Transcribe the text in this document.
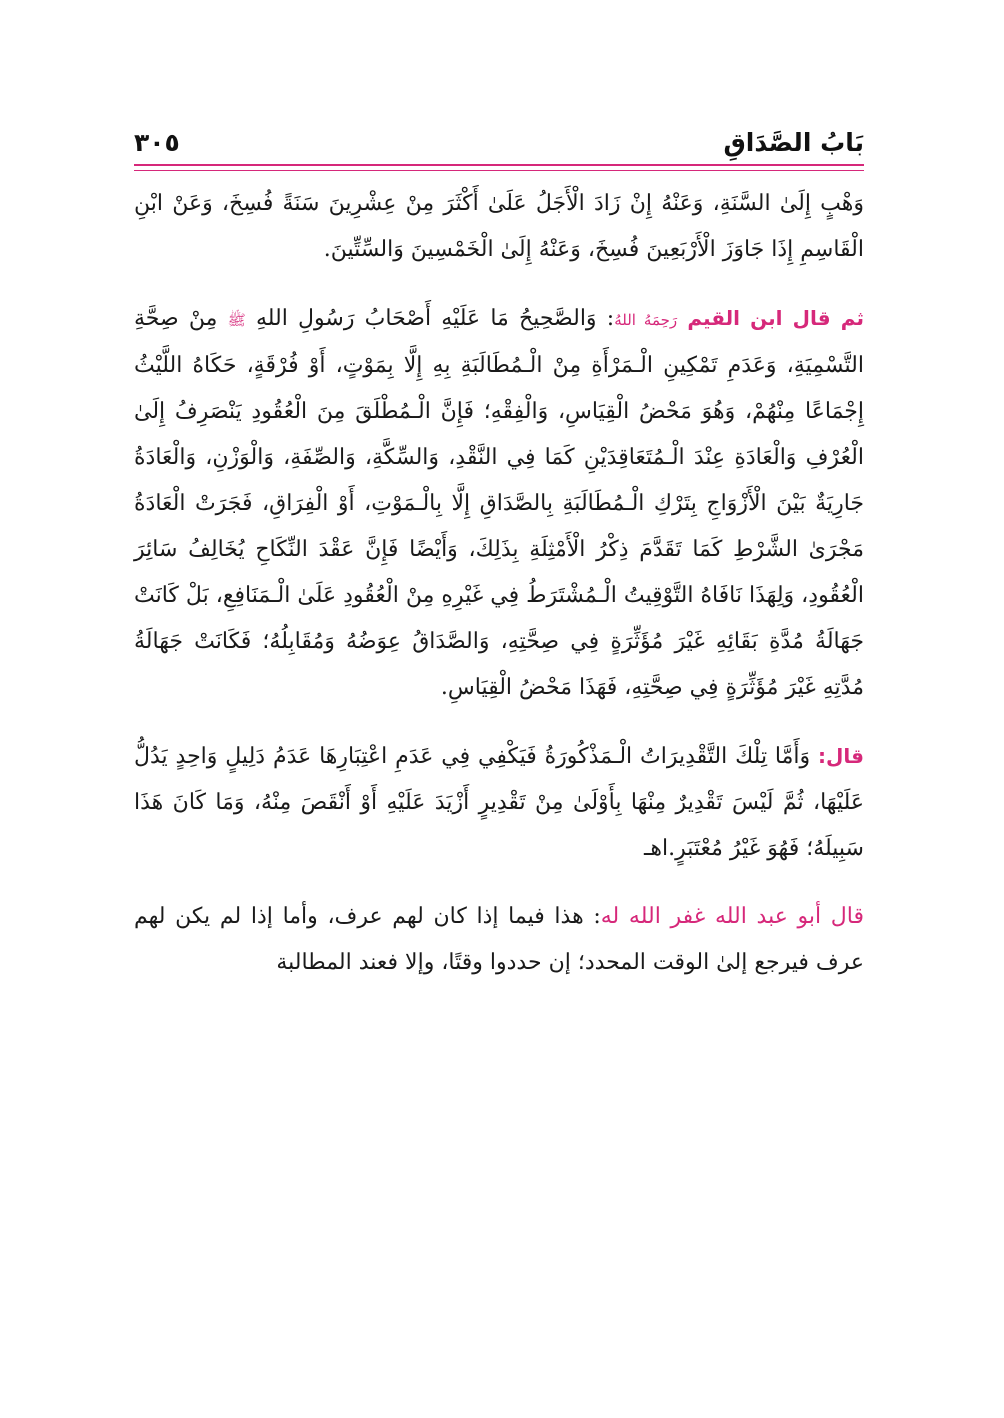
بَابُ الصَّدَاقِ
٣٠٥

وَهْبٍ إِلَىٰ السَّنَةِ، وَعَنْهُ إِنْ زَادَ الْأَجَلُ عَلَىٰ أَكْثَرَ مِنْ عِشْرِينَ سَنَةً فُسِخَ، وَعَنْ ابْنِ الْقَاسِمِ إِذَا جَاوَزَ الْأَرْبَعِينَ فُسِخَ، وَعَنْهُ إِلَىٰ الْخَمْسِينَ وَالسِّتِّينَ.

ثم قال ابن القيم رَحِمَهُ اللهُ: وَالصَّحِيحُ مَا عَلَيْهِ أَصْحَابُ رَسُولِ اللهِ ﷺ مِنْ صِحَّةِ التَّسْمِيَةِ، وَعَدَمِ تَمْكِينِ الْـمَرْأَةِ مِنْ الْـمُطَالَبَةِ بِهِ إِلَّا بِمَوْتٍ، أَوْ فُرْقَةٍ، حَكَاهُ اللَّيْثُ إِجْمَاعًا مِنْهُمْ، وَهُوَ مَحْضُ الْقِيَاسِ، وَالْفِقْهِ؛ فَإِنَّ الْـمُطْلَقَ مِنَ الْعُقُودِ يَنْصَرِفُ إِلَىٰ الْعُرْفِ وَالْعَادَةِ عِنْدَ الْـمُتَعَاقِدَيْنِ كَمَا فِي النَّقْدِ، وَالسِّكَّةِ، وَالصِّفَةِ، وَالْوَزْنِ، وَالْعَادَةُ جَارِيَةٌ بَيْنَ الْأَزْوَاجِ بِتَرْكِ الْـمُطَالَبَةِ بِالصَّدَاقِ إِلَّا بِالْـمَوْتِ، أَوْ الْفِرَاقِ، فَجَرَتْ الْعَادَةُ مَجْرَىٰ الشَّرْطِ كَمَا تَقَدَّمَ ذِكْرُ الْأَمْثِلَةِ بِذَلِكَ، وَأَيْضًا فَإِنَّ عَقْدَ النِّكَاحِ يُخَالِفُ سَائِرَ الْعُقُودِ، وَلِهَذَا نَافَاهُ التَّوْقِيتُ الْـمُشْتَرَطُ فِي غَيْرِهِ مِنْ الْعُقُودِ عَلَىٰ الْـمَنَافِعِ، بَلْ كَانَتْ جَهَالَةُ مُدَّةِ بَقَائِهِ غَيْرَ مُؤَثِّرَةٍ فِي صِحَّتِهِ، وَالصَّدَاقُ عِوَضُهُ وَمُقَابِلُهُ؛ فَكَانَتْ جَهَالَةُ مُدَّتِهِ غَيْرَ مُؤَثِّرَةٍ فِي صِحَّتِهِ، فَهَذَا مَحْضُ الْقِيَاسِ.

قال: وَأَمَّا تِلْكَ التَّقْدِيرَاتُ الْـمَذْكُورَةُ فَيَكْفِي فِي عَدَمِ اعْتِبَارِهَا عَدَمُ دَلِيلٍ وَاحِدٍ يَدُلُّ عَلَيْهَا، ثُمَّ لَيْسَ تَقْدِيرٌ مِنْهَا بِأَوْلَىٰ مِنْ تَقْدِيرٍ أَزْيَدَ عَلَيْهِ أَوْ أَنْقَصَ مِنْهُ، وَمَا كَانَ هَذَا سَبِيلَهُ؛ فَهُوَ غَيْرُ مُعْتَبَرٍ.اهـ

قال أبو عبد الله غفر الله له: هذا فيما إذا كان لهم عرف، وأما إذا لم يكن لهم عرف فيرجع إلىٰ الوقت المحدد؛ إن حددوا وقتًا، وإلا فعند المطالبة
